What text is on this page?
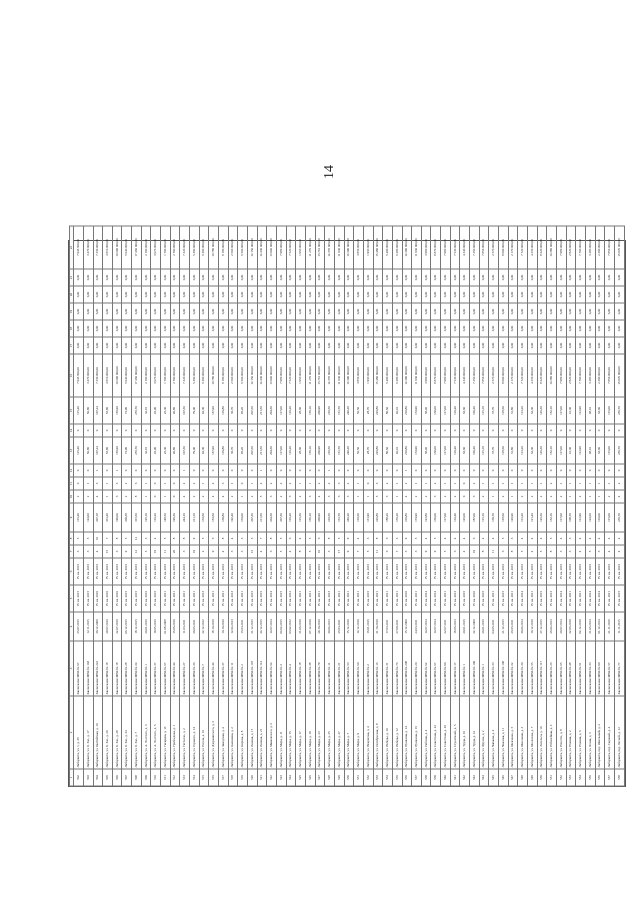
14
1	2	3	4	5	6	7	8	9	10	11	12	13	14	15	16	17	18	19	20	21	22
502	Лаборанта, ул. 1, д. 36	Заключение МВК № 67	23.07.2015	IV кв. 2015	IV кв. 2016	3	5	116,40	2	0	0	116,40	0	115,40	7 945 600,00	0,00	0,00	0,00	0,00	0,00	7 945 600,00
503	Лаборанта, ул. Б. Хм., д. 17	Заключение МВК № 103	12.11.2015	IV кв. 2015	IV кв. 2016	3	5	124,00	2	1	0	50,80	0	50,80	3 470 000,00	0,00	0,00	0,00	0,00	0,00	3 470 000,00
504	Лаборанта, ул. Балтийская, д. 10	Заключение МВК № 222	30.12.2009	IV кв. 2010	IV кв. 2016	4	10	207,18	4	3	1	107,24	0	107,24	7 330 000,00	0,00	0,00	0,00	0,00	0,00	7 330 000,00
505	Лаборанта, ул. Б. Хм., д. 20	Заключение МВК № 18	29.07.2010	IV кв. 2010	IV кв. 2016	15	7	331,40	1	1	0	55,80	0	55,80	3 810 000,00	0,00	0,00	0,00	0,00	0,00	3 810 000,00
506	Лаборанта, ул. Б. Хм., д. 28	Заключение МВК № 18	22.07.2010	IV кв. 2010	IV кв. 2016	3	8	190,00	6	3	1	156,90	0	156,90	10 690 000,00	0,00	0,00	0,00	0,00	0,00	10 690 000,00
507	Лаборанта, ул. Б. Хм., д. 34	Заключение МВК № 28	06.12.2015	IV кв. 2015	IV кв. 2016	9	5	209,38	2	2	0	73,90	0	73,90	5 040 000,00	0,00	0,00	0,00	0,00	0,00	5 040 000,00
508	Лаборанта, ул. Б. Хм., д. 7	Заключение МВК № 34	18.12.2015	IV кв. 2015	IV кв. 2016	12	12	315,50	8	6	0	255,70	0	255,70	17 460 000,00	0,00	0,00	0,00	0,00	0,00	17 460 000,00
509	Лаборанта, ул. А. Толстого, д. 3	Заключение МВК № 1	20.01.2016	IV кв. 2016	IV кв. 2016	5	3	126,10	1	1	0	32,10	0	32,10	2 190 000,00	0,00	0,00	0,00	0,00	0,00	2 190 000,00
510	Лаборанта, ул. А. Толстого, д. 5	Заключение МВК № 37	19.05.2016	IV кв. 2016	IV кв. 2016	19	4	110,20	0	0	0	45,00	0	45,00	3 070 000,00	0,00	0,00	0,00	0,00	0,00	3 070 000,00
511	Лаборанта, ул. Гагарина, д. 13	Заключение МВК № 67	01.08.2008	IV кв. 2011	IV кв. 2016	11	5	148,50	1	1	0	26,30	0	26,30	1 790 000,00	0,00	0,00	0,00	0,00	0,00	1 790 000,00
512	Лаборанта, ул. Грибоедова, д. 1	Заключение МВК № 44	15.06.2010	IV кв. 2011	IV кв. 2016	20	8	196,30	0	0	0	40,80	0	40,80	2 790 000,00	0,00	0,00	0,00	0,00	0,00	2 790 000,00
513	Лаборанта, ул. Гастелло, д. 2	Заключение МВК № 27	11.03.2011	IV кв. 2011	IV кв. 2016	3	8	244,10	4	2	1	107,30	0	107,30	7 320 000,00	0,00	0,00	0,00	0,00	0,00	7 320 000,00
514	Лаборанта, ул. Горького, д. 14	Заключение МВК № 36	20.05.2011	IV кв. 2011	IV кв. 2016	19	9	211,10	2	2	0	79,00	0	79,00	5 390 000,00	0,00	0,00	0,00	0,00	0,00	5 390 000,00
515	Лаборанта, ул. Гоголя, д. 10	Заключение МВК № 7	22.12.2012	IV кв. 2013	IV кв. 2016	2	5	133,60	2	1	0	92,30	0	92,30	6 300 000,00	0,00	0,00	0,00	0,00	0,00	6 300 000,00
516	Лаборанта, ул. Дзержинского, д. 3	Заключение МВК № 44	18.10.2010	IV кв. 2011	IV кв. 2016	9	6	153,60	4	2	0	157,90	0	157,90	10 780 000,00	0,00	0,00	0,00	0,00	0,00	10 780 000,00
517	Лаборанта, ул. Заводская, д. 4	Заключение МВК № 37	10.10.2010	IV кв. 2011	IV кв. 2016	4	8	139,80	4	3	0	119,80	0	119,80	8 180 000,00	0,00	0,00	0,00	0,00	0,00	8 180 000,00
518	Лаборанта, ул. Калинина, д. 2	Заключение МВК № 11	12.04.2013	IV кв. 2013	IV кв. 2016	3	4	192,40	2	1	0	36,70	0	36,70	2 500 000,00	0,00	0,00	0,00	0,00	0,00	2 500 000,00
519	Лаборанта, ул. Кирова, д. 8	Заключение МВК № 2	15.03.2011	IV кв. 2011	IV кв. 2016	3	3	163,00	1	0	0	95,20	0	95,20	6 500 000,00	0,00	0,00	0,00	0,00	0,00	6 500 000,00
520	Лаборанта, ул. Ленина, д. 17	Заключение МВК № 107	21.12.2015	IV кв. 2015	IV кв. 2016	15	5	207,30	2	1	0	207,30	0	207,30	14 150 000,00	0,00	0,00	0,00	0,00	0,00	14 150 000,00
521	Лаборанта, ул. Ленина, д. 21	Заключение МВК № 114	24.12.2015	IV кв. 2015	IV кв. 2016	4	7	211,50	5	2	1	211,50	0	211,50	14 430 000,00	0,00	0,00	0,00	0,00	0,00	14 430 000,00
522	Лаборанта, ул. Маяковского, д. 3	Заключение МВК № 64	14.07.2014	IV кв. 2014	IV кв. 2016	6	8	204,30	3	2	0	204,30	0	204,30	13 940 000,00	0,00	0,00	0,00	0,00	0,00	13 940 000,00
523	Лаборанта, ул. Мира, д. 11	Заключение МВК № 3	04.02.2015	IV кв. 2015	IV кв. 2016	5	5	207,30	2	2	0	117,00	0	117,00	7 980 000,00	0,00	0,00	0,00	0,00	0,00	7 980 000,00
524	Лаборанта, ул. Мира, д. 15	Заключение МВК № 4	03.02.2012	IV кв. 2012	IV кв. 2016	4	6	110,20	3	2	0	110,20	0	110,20	7 520 000,00	0,00	0,00	0,00	0,00	0,00	7 520 000,00
525	Лаборанта, ул. Мира, д. 17	Заключение МВК № 18	21.06.2010	IV кв. 2011	IV кв. 2016	8	4	116,30	2	1	0	28,60	0	28,60	1 950 000,00	0,00	0,00	0,00	0,00	0,00	1 950 000,00
526	Лаборанта, ул. Мира, д. 19	Заключение МВК № 38	07.12.2010	IV кв. 2011	IV кв. 2016	5	5	165,10	3	1	0	165,10	0	165,10	11 270 000,00	0,00	0,00	0,00	0,00	0,00	11 270 000,00
527	Лаборанта, ул. Мира, д. 23	Заключение МВК № 79	29.10.2010	IV кв. 2011	IV кв. 2016	10	6	200,90	4	2	0	200,90	0	200,90	13 710 000,00	0,00	0,00	0,00	0,00	0,00	13 710 000,00
528	Лаборанта, ул. Мира, д. 25	Заключение МВК № 11	30.04.2013	IV кв. 2013	IV кв. 2016	3	8	210,50	3	2	1	210,50	0	210,50	14 370 000,00	0,00	0,00	0,00	0,00	0,00	14 370 000,00
529	Лаборанта, ул. Мира, д. 27	Заключение МВК № 21	25.03.2011	IV кв. 2011	IV кв. 2016	17	5	161,70	6	3	0	161,70	0	161,70	11 030 000,00	0,00	0,00	0,00	0,00	0,00	11 030 000,00
530	Лаборанта, ул. Мира, д. 7	Заключение МВК № 53	15.12.2010	IV кв. 2011	IV кв. 2016	9	9	240,20	3	2	0	240,20	0	240,20	16 390 000,00	0,00	0,00	0,00	0,00	0,00	16 390 000,00
531	Лаборанта, ул. Мира, д. 9	Заключение МВК № 60	14.12.2010	IV кв. 2011	IV кв. 2016	7	4	110,60	1	1	0	56,50	0	56,50	3 850 000,00	0,00	0,00	0,00	0,00	0,00	3 850 000,00
532	Лаборанта, ул. Некрасова, д. 4	Заключение МВК № 2	16.01.2016	IV кв. 2016	IV кв. 2016	5	3	131,90	1	0	0	28,70	0	28,70	1 960 000,00	0,00	0,00	0,00	0,00	0,00	1 960 000,00
533	Лаборанта, ул. Октябрьская, д. 8	Заключение МВК № 16	31.10.2010	IV кв. 2011	IV кв. 2016	11	8	226,80	5	3	0	226,80	0	226,80	15 480 000,00	0,00	0,00	0,00	0,00	0,00	15 480 000,00
534	Лаборанта, ул. Победы, д. 10	Заключение МВК № 31	17.03.2011	IV кв. 2011	IV кв. 2016	6	6	188,20	3	2	0	80,50	0	80,50	5 490 000,00	0,00	0,00	0,00	0,00	0,00	5 490 000,00
535	Лаборанта, ул. Победы, д. 12	Заключение МВК № 76	27.09.2011	IV кв. 2011	IV кв. 2016	7	3	135,20	1	1	0	92,10	0	92,10	6 280 000,00	0,00	0,00	0,00	0,00	0,00	6 280 000,00
536	Лаборанта, ул. Пушкина, д. 14	Заключение МВК № 208	15.12.2009	IV кв. 2010	IV кв. 2016	3	9	210,80	4	2	1	210,80	0	210,80	14 390 000,00	0,00	0,00	0,00	0,00	0,00	14 390 000,00
537	Лаборанта, ул. Пушкина, д. 16	Заключение МВК № 20	24.03.2011	IV кв. 2011	IV кв. 2016	3	5	174,90	2	1	0	174,90	0	174,90	11 930 000,00	0,00	0,00	0,00	0,00	0,00	11 930 000,00
538	Лаборанта, ул. Рабочая, д. 4	Заключение МВК № 62	14.07.2014	IV кв. 2014	IV кв. 2016	9	4	123,80	2	1	0	58,40	0	58,40	3 980 000,00	0,00	0,00	0,00	0,00	0,00	3 980 000,00
539	Лаборанта, ул. Советская, д. 22	Заключение МВК № 67	14.07.2014	IV кв. 2014	IV кв. 2016	9	5	130,00	3	2	0	130,00	0	130,00	8 870 000,00	0,00	0,00	0,00	0,00	0,00	8 870 000,00
540	Лаборанта, ул. Советская, д. 26	Заключение МВК № 90	22.07.2011	IV кв. 2011	IV кв. 2016	5	4	117,00	2	1	0	117,00	0	117,00	7 980 000,00	0,00	0,00	0,00	0,00	0,00	7 980 000,00
541	Лаборанта, ул. Строителей, д. 5	Заключение МВК № 17	18.06.2013	IV кв. 2013	IV кв. 2016	6	4	110,40	2	1	0	110,40	0	110,40	7 530 000,00	0,00	0,00	0,00	0,00	0,00	7 530 000,00
542	Лаборанта, ул. Труда, д. 10	Заключение МВК № 1	20.01.2016	IV кв. 2016	IV кв. 2016	4	4	126,00	0	0	0	63,60	0	63,60	4 340 000,00	0,00	0,00	0,00	0,00	0,00	4 340 000,00
543	Лаборанта, ул. Труда, д. 14	Заключение МВК № 109	22.12.2009	IV кв. 2010	IV кв. 2016	19	6	187,00	3	2	0	106,40	0	106,40	7 260 000,00	0,00	0,00	0,00	0,00	0,00	7 260 000,00
544	Лаборанта, ул. Фрунзе, д. 2	Заключение МВК № 1	20.01.2016	IV кв. 2016	IV кв. 2016	8	4	115,10	2	1	0	115,10	0	115,10	7 850 000,00	0,00	0,00	0,00	0,00	0,00	7 850 000,00
545	Лаборанта, ул. Чапаева, д. 4	Заключение МВК № 33	04.05.2011	IV кв. 2011	IV кв. 2016	11	4	139,70	1	1	0	37,70	0	37,70	2 570 000,00	0,00	0,00	0,00	0,00	0,00	2 570 000,00
546	Лаборанта, ул. Чкалова, д. 11	Заключение МВК № 108	21.12.2015	IV кв. 2015	IV кв. 2016	6	5	118,60	2	1	0	118,60	0	118,60	8 090 000,00	0,00	0,00	0,00	0,00	0,00	8 090 000,00
547	Лаборанта, ул. Шевченко, д. 5	Заключение МВК № 32	26.05.2011	IV кв. 2011	IV кв. 2016	8	3	120,90	1	1	0	31,80	0	31,80	2 170 000,00	0,00	0,00	0,00	0,00	0,00	2 170 000,00
548	Лаборанта, ул. Школьная, д. 3	Заключение МВК № 30	30.04.2014	IV кв. 2014	IV кв. 2016	5	4	113,20	2	1	0	113,20	0	113,20	7 720 000,00	0,00	0,00	0,00	0,00	0,00	7 720 000,00
549	Лаборанта, ул. Шолохова, д. 7	Заключение МВК № 55	10.12.2010	IV кв. 2011	IV кв. 2016	4	4	121,40	2	1	0	62,30	0	62,30	4 250 000,00	0,00	0,00	0,00	0,00	0,00	4 250 000,00
550	Лаборанта, ул. Энгельса, д. 10	Заключение МВК № 117	27.12.2015	IV кв. 2015	IV кв. 2016	5	4	126,30	2	1	0	126,30	0	126,30	8 620 000,00	0,00	0,00	0,00	0,00	0,00	8 620 000,00
551	Лаборанта, ул. Юбилейная, д. 3	Заключение МВК № 26	26.04.2013	IV кв. 2013	IV кв. 2016	8	5	152,10	2	2	0	152,10	0	152,10	10 380 000,00	0,00	0,00	0,00	0,00	0,00	10 380 000,00
552	Лаборанта, ул. Юности, д. 8	Заключение МВК № 65	20.07.2014	IV кв. 2014	IV кв. 2016	3	4	117,00	2	1	0	117,00	0	117,00	7 980 000,00	0,00	0,00	0,00	0,00	0,00	7 980 000,00
553	Лаборанта, ул. Южная, д. 2	Заключение МВК № 48	22.06.2010	IV кв. 2011	IV кв. 2016	3	3	108,70	1	1	0	41,30	0	41,30	2 820 000,00	0,00	0,00	0,00	0,00	0,00	2 820 000,00
554	Лаборанта, ул. Южная, д. 6	Заключение МВК № 61	02.12.2010	IV кв. 2011	IV кв. 2016	4	4	112,90	2	1	0	112,90	0	112,90	7 700 000,00	0,00	0,00	0,00	0,00	0,00	7 700 000,00
555	Лаборанта, ул. Ясная, д. 3	Заключение МВК № 33	21.05.2014	IV кв. 2014	IV кв. 2016	5	4	124,60	1	1	0	48,10	0	48,10	3 280 000,00	0,00	0,00	0,00	0,00	0,00	3 280 000,00
556	Лаборанта, пер. Школьный, д. 2	Заключение МВК № 90	01.12.2014	IV кв. 2014	IV кв. 2016	3	4	110,00	1	1	0	33,60	0	33,60	2 290 000,00	0,00	0,00	0,00	0,00	0,00	2 290 000,00
557	Лаборанта, пер. Садовый, д. 4	Заключение МВК № 57	21.11.2010	IV кв. 2011	IV кв. 2016	4	4	115,00	2	1	0	115,00	0	115,00	7 850 000,00	0,00	0,00	0,00	0,00	0,00	7 850 000,00
558	Лаборанта, пер. Лесной, д. 12	Заключение МВК № 77	11.11.2015	IV кв. 2015	IV кв. 2016	4	4	236,70	4	2	0	236,70	0	236,70	16 070 000,00	0,00	0,00	0,00	0,00	0,00	16 070 000,00
